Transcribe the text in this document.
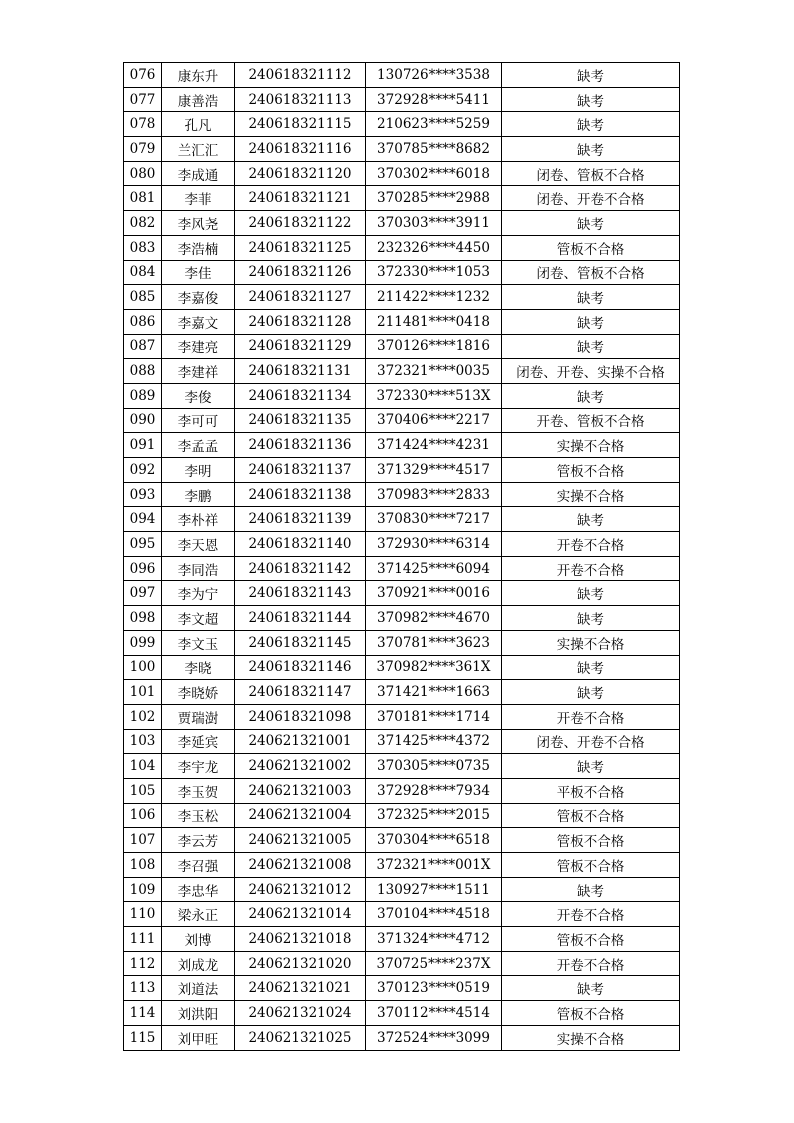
076	康东升	240618321112	130726****3538	缺考
077	康善浩	240618321113	372928****5411	缺考
078	孔凡	240618321115	210623****5259	缺考
079	兰汇汇	240618321116	370785****8682	缺考
080	李成通	240618321120	370302****6018	闭卷、管板不合格
081	李菲	240618321121	370285****2988	闭卷、开卷不合格
082	李风尧	240618321122	370303****3911	缺考
083	李浩楠	240618321125	232326****4450	管板不合格
084	李佳	240618321126	372330****1053	闭卷、管板不合格
085	李嘉俊	240618321127	211422****1232	缺考
086	李嘉文	240618321128	211481****0418	缺考
087	李建亮	240618321129	370126****1816	缺考
088	李建祥	240618321131	372321****0035	闭卷、开卷、实操不合格
089	李俊	240618321134	372330****513X	缺考
090	李可可	240618321135	370406****2217	开卷、管板不合格
091	李孟孟	240618321136	371424****4231	实操不合格
092	李明	240618321137	371329****4517	管板不合格
093	李鹏	240618321138	370983****2833	实操不合格
094	李朴祥	240618321139	370830****7217	缺考
095	李天恩	240618321140	372930****6314	开卷不合格
096	李同浩	240618321142	371425****6094	开卷不合格
097	李为宁	240618321143	370921****0016	缺考
098	李文超	240618321144	370982****4670	缺考
099	李文玉	240618321145	370781****3623	实操不合格
100	李晓	240618321146	370982****361X	缺考
101	李晓娇	240618321147	371421****1663	缺考
102	贾瑞澍	240618321098	370181****1714	开卷不合格
103	李延宾	240621321001	371425****4372	闭卷、开卷不合格
104	李宇龙	240621321002	370305****0735	缺考
105	李玉贺	240621321003	372928****7934	平板不合格
106	李玉松	240621321004	372325****2015	管板不合格
107	李云芳	240621321005	370304****6518	管板不合格
108	李召强	240621321008	372321****001X	管板不合格
109	李忠华	240621321012	130927****1511	缺考
110	梁永正	240621321014	370104****4518	开卷不合格
111	刘博	240621321018	371324****4712	管板不合格
112	刘成龙	240621321020	370725****237X	开卷不合格
113	刘道法	240621321021	370123****0519	缺考
114	刘洪阳	240621321024	370112****4514	管板不合格
115	刘甲旺	240621321025	372524****3099	实操不合格
